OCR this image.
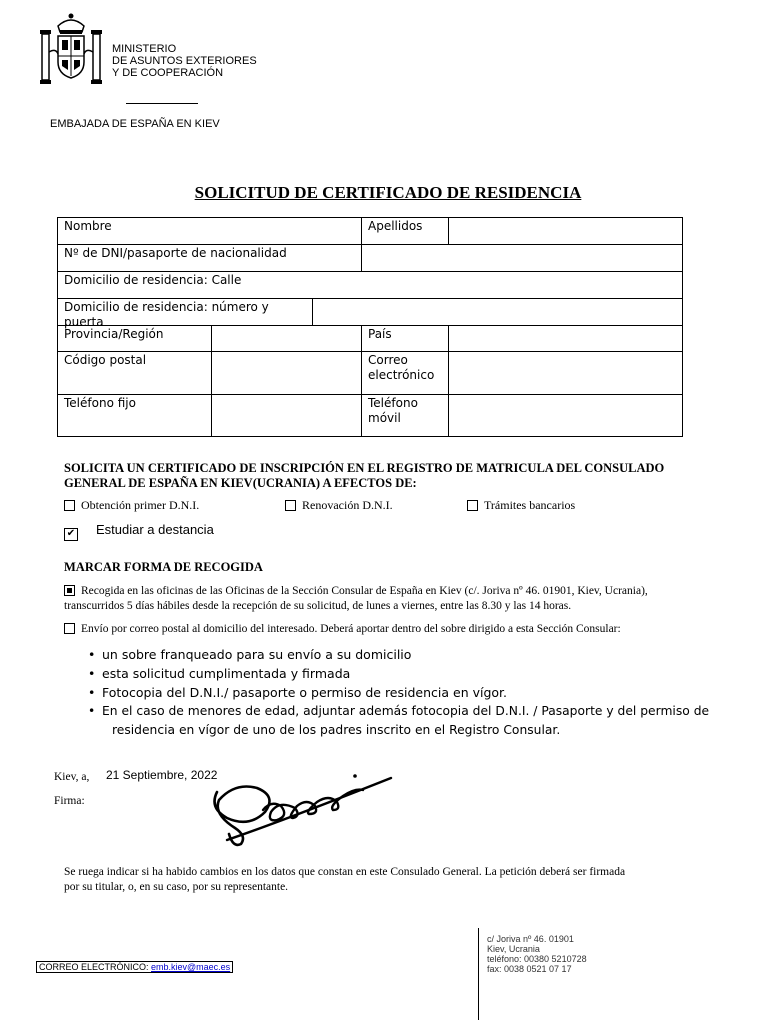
MINISTERIO
DE ASUNTOS EXTERIORES
Y DE COOPERACIÓN
EMBAJADA DE ESPAÑA EN KIEV
SOLICITUD DE CERTIFICADO DE RESIDENCIA
Nombre	Apellidos
Nº de DNI/pasaporte de nacionalidad
Domicilio de residencia: Calle
Domicilio de residencia: número y puerta
Provincia/Región	País
Código postal	Correo
electrónico
Teléfono fijo	Teléfono
móvil
SOLICITA UN CERTIFICADO DE INSCRIPCIÓN EN EL REGISTRO DE MATRICULA DEL CONSULADO
GENERAL DE ESPAÑA EN KIEV(UCRANIA) A EFECTOS DE:
Obtención primer D.N.I.	Renovación D.N.I.	Trámites bancarios
✔ Estudiar a destancia
MARCAR FORMA DE RECOGIDA
Recogida en las oficinas de las Oficinas de la Sección Consular de España en Kiev (c/. Joriva nº 46. 01901, Kiev, Ucrania),
transcurridos 5 días hábiles desde la recepción de su solicitud, de lunes a viernes, entre las 8.30 y las 14 horas.
Envío por correo postal al domicilio del interesado. Deberá aportar dentro del sobre dirigido a esta Sección Consular:
• un sobre franqueado para su envío a su domicilio
• esta solicitud cumplimentada y firmada
• Fotocopia del D.N.I./ pasaporte o permiso de residencia en vígor.
• En el caso de menores de edad, adjuntar además fotocopia del D.N.I. / Pasaporte y del permiso de
residencia en vígor de uno de los padres inscrito en el Registro Consular.
Kiev, a, 21 Septiembre, 2022
Firma:
Se ruega indicar si ha habido cambios en los datos que constan en este Consulado General. La petición deberá ser firmada
por su titular, o, en su caso, por su representante.
c/ Joriva nº 46. 01901
Kiev, Ucrania
teléfono: 00380 5210728
fax: 0038 0521 07 17
CORREO ELECTRÓNICO: emb.kiev@maec.es
